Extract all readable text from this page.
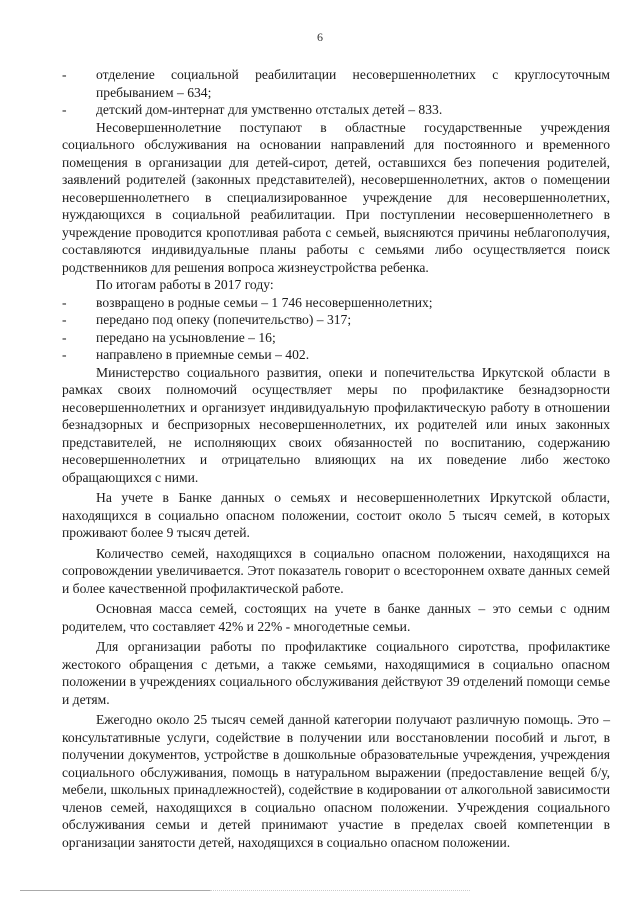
6

- отделение социальной реабилитации несовершеннолетних с круглосуточным пребыванием – 634;

- детский дом-интернат для умственно отсталых детей – 833.

Несовершеннолетние поступают в областные государственные учреждения социального обслуживания на основании направлений для постоянного и временного помещения в организации для детей-сирот, детей, оставшихся без попечения родителей, заявлений родителей (законных представителей), несовершеннолетних, актов о помещении несовершеннолетнего в специализированное учреждение для несовершеннолетних, нуждающихся в социальной реабилитации. При поступлении несовершеннолетнего в учреждение проводится кропотливая работа с семьей, выясняются причины неблагополучия, составляются индивидуальные планы работы с семьями либо осуществляется поиск родственников для решения вопроса жизнеустройства ребенка.

По итогам работы в 2017 году:

- возвращено в родные семьи – 1 746 несовершеннолетних;

- передано под опеку (попечительство) – 317;

- передано на усыновление – 16;

- направлено в приемные семьи – 402.

Министерство социального развития, опеки и попечительства Иркутской области в рамках своих полномочий осуществляет меры по профилактике безнадзорности несовершеннолетних и организует индивидуальную профилактическую работу в отношении безнадзорных и беспризорных несовершеннолетних, их родителей или иных законных представителей, не исполняющих своих обязанностей по воспитанию, содержанию несовершеннолетних и отрицательно влияющих на их поведение либо жестоко обращающихся с ними.

На учете в Банке данных о семьях и несовершеннолетних Иркутской области, находящихся в социально опасном положении, состоит около 5 тысяч семей, в которых проживают более 9 тысяч детей.

Количество семей, находящихся в социально опасном положении, находящихся на сопровождении увеличивается. Этот показатель говорит о всестороннем охвате данных семей и более качественной профилактической работе.

Основная масса семей, состоящих на учете в банке данных – это семьи с одним родителем, что составляет 42% и 22% - многодетные семьи.

Для организации работы по профилактике социального сиротства, профилактике жестокого обращения с детьми, а также семьями, находящимися в социально опасном положении в учреждениях социального обслуживания действуют 39 отделений помощи семье и детям.

Ежегодно около 25 тысяч семей данной категории получают различную помощь. Это – консультативные услуги, содействие в получении или восстановлении пособий и льгот, в получении документов, устройстве в дошкольные образовательные учреждения, учреждения социального обслуживания, помощь в натуральном выражении (предоставление вещей б/у, мебели, школьных принадлежностей), содействие в кодировании от алкогольной зависимости членов семей, находящихся в социально опасном положении. Учреждения социального обслуживания семьи и детей принимают участие в пределах своей компетенции в организации занятости детей, находящихся в социально опасном положении.
